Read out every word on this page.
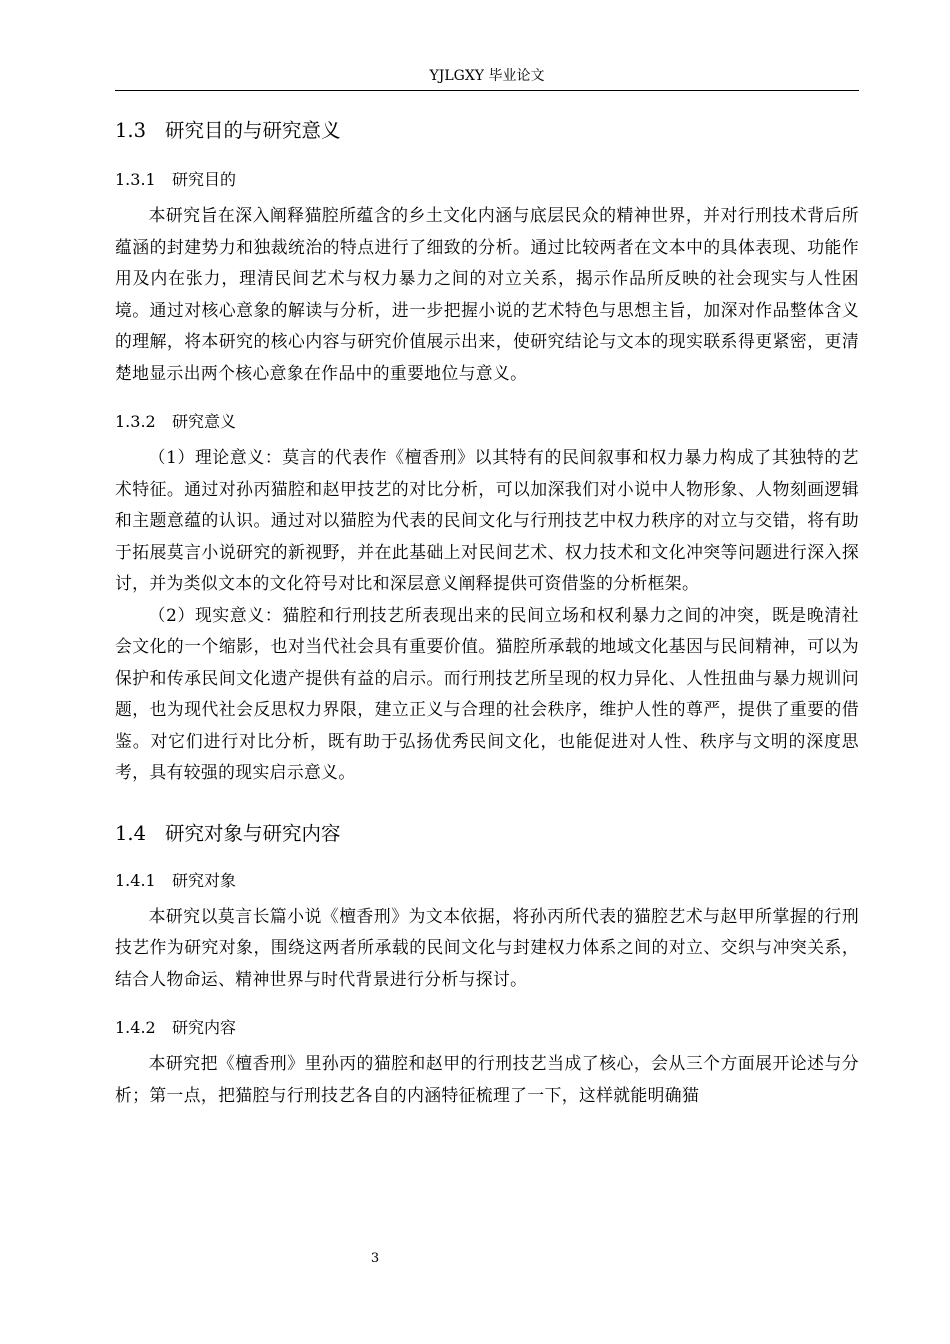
YJLGXY 毕业论文
1.3 研究目的与研究意义
1.3.1 研究目的

本研究旨在深入阐释猫腔所蕴含的乡土文化内涵与底层民众的精神世界，并对行刑技术背后所蕴涵的封建势力和独裁统治的特点进行了细致的分析。通过比较两者在文本中的具体表现、功能作用及内在张力，理清民间艺术与权力暴力之间的对立关系，揭示作品所反映的社会现实与人性困境。通过对核心意象的解读与分析，进一步把握小说的艺术特色与思想主旨，加深对作品整体含义的理解，将本研究的核心内容与研究价值展示出来，使研究结论与文本的现实联系得更紧密，更清楚地显示出两个核心意象在作品中的重要地位与意义。

1.3.2 研究意义

（1）理论意义：莫言的代表作《檀香刑》以其特有的民间叙事和权力暴力构成了其独特的艺术特征。通过对孙丙猫腔和赵甲技艺的对比分析，可以加深我们对小说中人物形象、人物刻画逻辑和主题意蕴的认识。通过对以猫腔为代表的民间文化与行刑技艺中权力秩序的对立与交错，将有助于拓展莫言小说研究的新视野，并在此基础上对民间艺术、权力技术和文化冲突等问题进行深入探讨，并为类似文本的文化符号对比和深层意义阐释提供可资借鉴的分析框架。

（2）现实意义：猫腔和行刑技艺所表现出来的民间立场和权利暴力之间的冲突，既是晚清社会文化的一个缩影，也对当代社会具有重要价值。猫腔所承载的地域文化基因与民间精神，可以为保护和传承民间文化遗产提供有益的启示。而行刑技艺所呈现的权力异化、人性扭曲与暴力规训问题，也为现代社会反思权力界限，建立正义与合理的社会秩序，维护人性的尊严，提供了重要的借鉴。对它们进行对比分析，既有助于弘扬优秀民间文化，也能促进对人性、秩序与文明的深度思考，具有较强的现实启示意义。

1.4 研究对象与研究内容
1.4.1 研究对象

本研究以莫言长篇小说《檀香刑》为文本依据，将孙丙所代表的猫腔艺术与赵甲所掌握的行刑技艺作为研究对象，围绕这两者所承载的民间文化与封建权力体系之间的对立、交织与冲突关系，结合人物命运、精神世界与时代背景进行分析与探讨。

1.4.2 研究内容

本研究把《檀香刑》里孙丙的猫腔和赵甲的行刑技艺当成了核心，会从三个方面展开论述与分析；第一点，把猫腔与行刑技艺各自的内涵特征梳理了一下，这样就能明确猫

3
